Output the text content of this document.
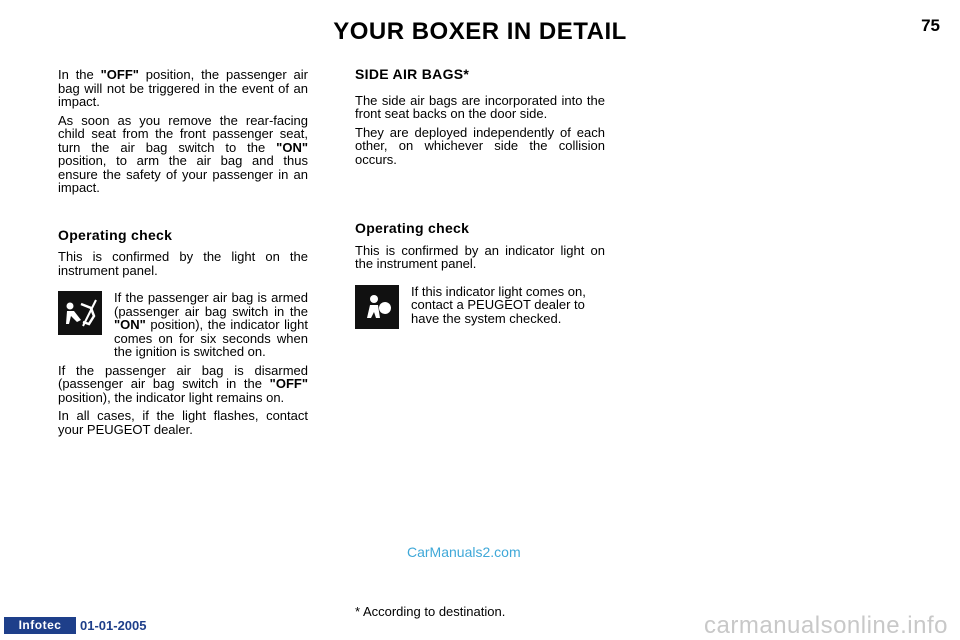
YOUR BOXER IN DETAIL	75

In the "OFF" position, the passenger air bag will not be triggered in the event of an impact.

As soon as you remove the rear-facing child seat from the front passenger seat, turn the air bag switch to the "ON" position, to arm the air bag and thus ensure the safety of your passenger in an impact.

Operating check

This is confirmed by the light on the instrument panel.

If the passenger air bag is armed (passenger air bag switch in the "ON" position), the indicator light comes on for six seconds when the ignition is switched on.

If the passenger air bag is disarmed (passenger air bag switch in the "OFF" position), the indicator light remains on.

In all cases, if the light flashes, contact your PEUGEOT dealer.

SIDE AIR BAGS*

The side air bags are incorporated into the front seat backs on the door side.

They are deployed independently of each other, on whichever side the collision occurs.

Operating check

This is confirmed by an indicator light on the instrument panel.

If this indicator light comes on, contact a PEUGEOT dealer to have the system checked.

CarManuals2.com
* According to destination.
Infotec	01-01-2005	carmanualsonline.info
